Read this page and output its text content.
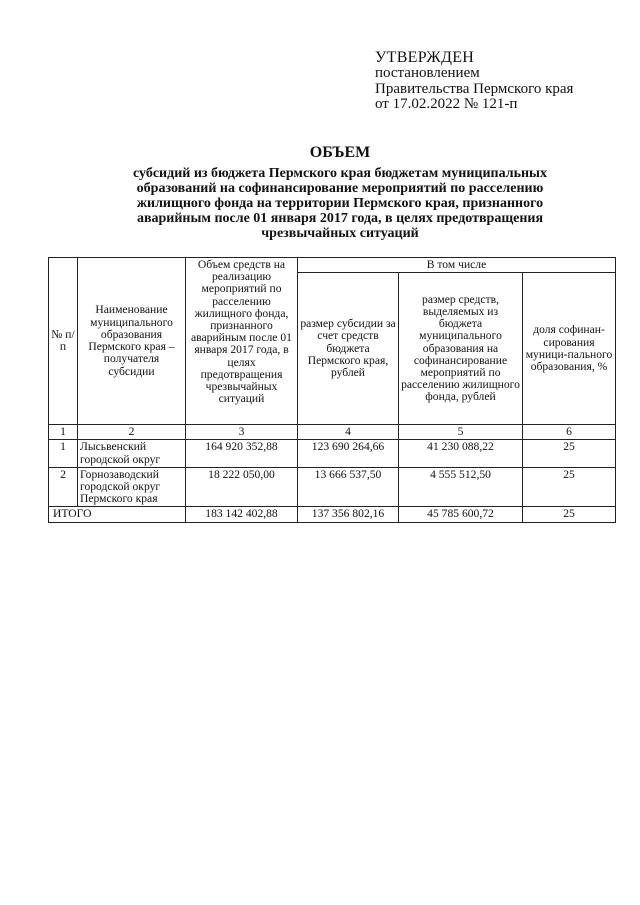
УТВЕРЖДЕН
постановлением
Правительства Пермского края
от 17.02.2022 № 121-п
ОБЪЕМ
субсидий из бюджета Пермского края бюджетам муниципальных
образований на софинансирование мероприятий по расселению
жилищного фонда на территории Пермского края, признанного
аварийным после 01 января 2017 года, в целях предотвращения
чрезвычайных ситуаций
№ п/п	Наименование муниципального образования Пермского края – получателя субсидии	Объем средств на реализацию мероприятий по расселению жилищного фонда, признанного аварийным после 01 января 2017 года, в целях предотвращения чрезвычайных ситуаций	В том числе		
			размер субсидии за счет средств бюджета Пермского края, рублей	размер средств, выделяемых из бюджета муниципального образования на софинансирование мероприятий по расселению жилищного фонда, рублей	доля софинан-сирования муници-пального образования, %
1	2	3	4	5	6
1	Лысьвенский городской округ	164 920 352,88	123 690 264,66	41 230 088,22	25
2	Горнозаводский городской округ Пермского края	18 222 050,00	13 666 537,50	4 555 512,50	25
ИТОГО		183 142 402,88	137 356 802,16	45 785 600,72	25
